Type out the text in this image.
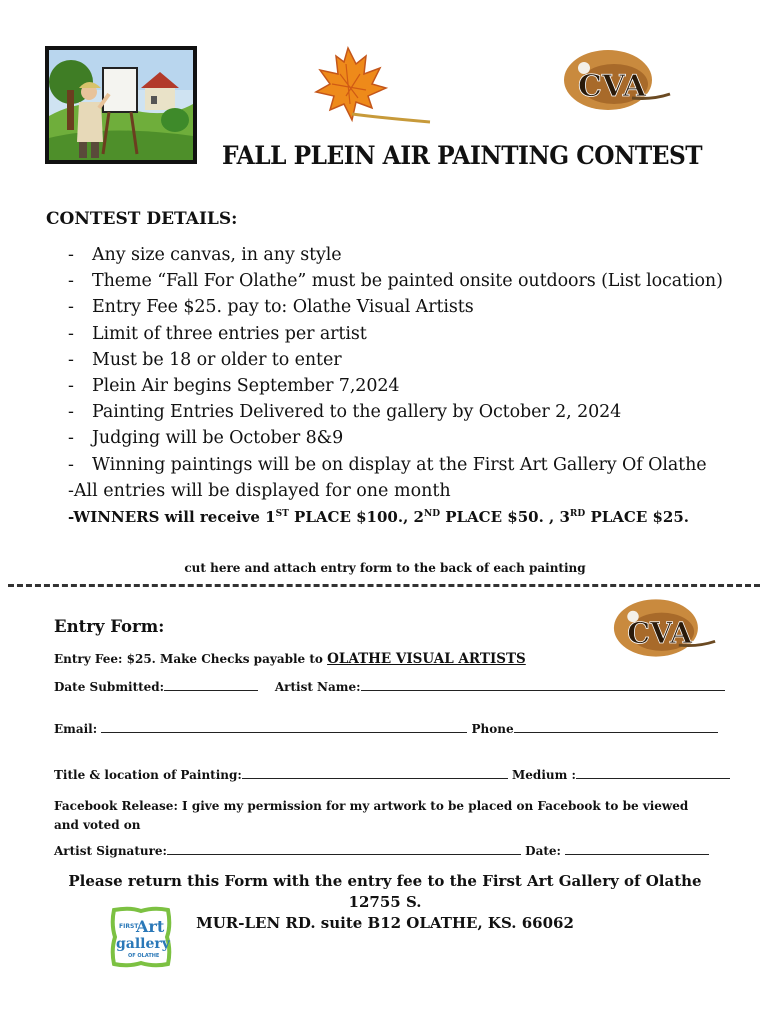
CVA
FALL PLEIN AIR PAINTING CONTEST
CONTEST DETAILS:
- Any size canvas, in any style
- Theme “Fall For Olathe” must be painted onsite outdoors (List location)
- Entry Fee $25. pay to: Olathe Visual Artists
- Limit of three entries per artist
- Must be 18 or older to enter
- Plein Air begins September 7,2024
- Painting Entries Delivered to the gallery by October 2, 2024
- Judging will be October 8&9
- Winning paintings will be on display at the First Art Gallery Of Olathe
-All entries will be displayed for one month
-WINNERS will receive 1ST PLACE $100., 2ND PLACE $50. , 3RD PLACE $25.
cut here and attach entry form to the back of each painting
CVA
Entry Form:
Entry Fee: $25. Make Checks payable to OLATHE VISUAL ARTISTS
Date Submitted:	Artist Name:
Email:	Phone
Title & location of Painting:	Medium :
Facebook Release: I give my permission for my artwork to be placed on Facebook to be viewed and voted on
Artist Signature:	Date:
Please return this Form with the entry fee to the First Art Gallery of Olathe 12755 S.
MUR-LEN RD. suite B12 OLATHE, KS. 66062
FIRST
Art
gallery
OF OLATHE
